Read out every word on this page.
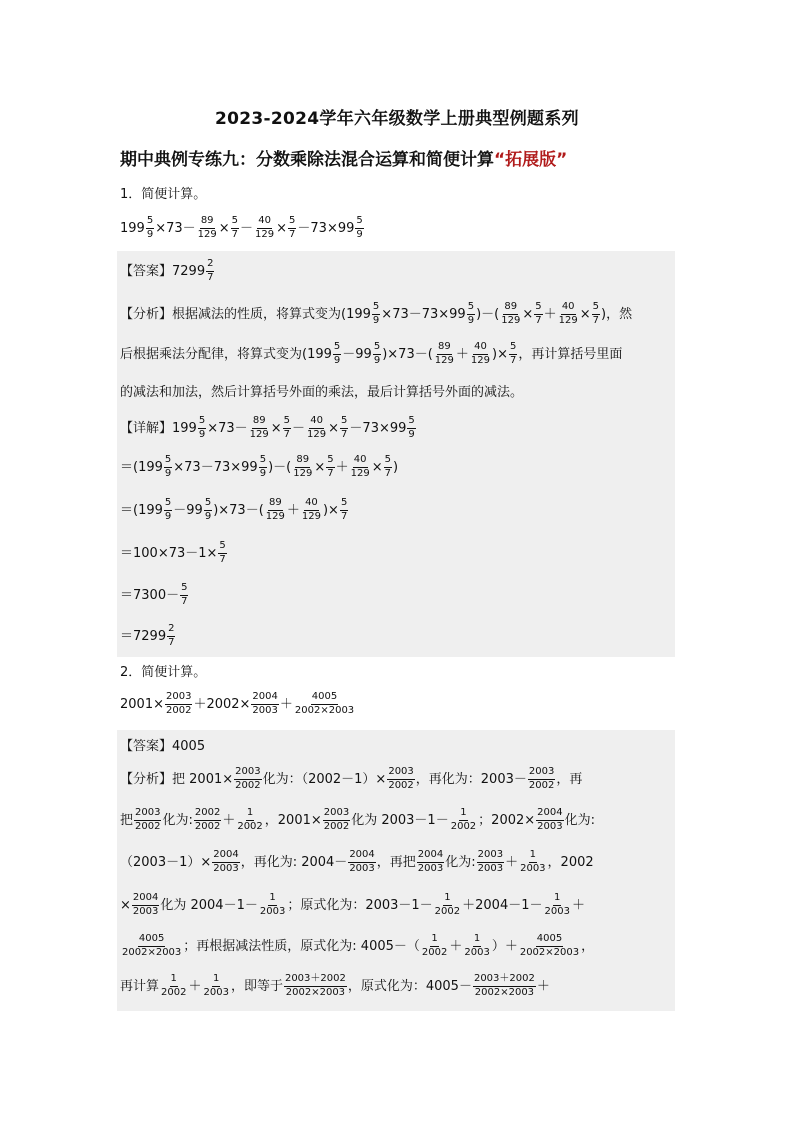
2023-2024学年六年级数学上册典型例题系列
期中典例专练九：分数乘除法混合运算和简便计算“拓展版”
1．简便计算。
$199 \frac{5}{9} \times 73- \frac{89}{129} \times \frac{5}{7} - \frac{40}{129} \times \frac{5}{7} -73\times 99 \frac{5}{9}$
【答案】 $7299 \frac{2}{7}$
【分析】 根据减法的性质，将算式变为 ($199 \frac{5}{9} \times 73-73\times 99 \frac{5}{9}$ )－( $\frac{89}{129} \times \frac{5}{7} + \frac{40}{129} \times \frac{5}{7}$ ) ，然
后根据乘法分配律，将算式变为 $(199 \frac{5}{9} -99 \frac{5}{9} )\times 73-( \frac{89}{129} + \frac{40}{129}$ )× $\frac{5}{7}$ ，再计算括号里面
的减法和加法，然后计算括号外面的乘法，最后计算括号外面的减法。
【详解】 $199 \frac{5}{9} \times 73- \frac{89}{129} \times \frac{5}{7} - \frac{40}{129} \times \frac{5}{7} -73\times 99 \frac{5}{9}$
$=(199 \frac{5}{9} \times 73-73\times 99 \frac{5}{9}$ )－( $\frac{89}{129} \times \frac{5}{7} + \frac{40}{129} \times \frac{5}{7}$ )
$=(199 \frac{5}{9} -99 \frac{5}{9} )\times 73-( \frac{89}{129} + \frac{40}{129}$ )× $\frac{5}{7}$
$=100\times 73-1\times \frac{5}{7}$
$=7300- \frac{5}{7}$
$=7299 \frac{2}{7}$
2．简便计算。
$2001\times \frac{2003}{2002} +2002\times \frac{2004}{2003} + \frac{4005}{2002\times 2003}$
【答案】 4005
【分析】 把 $2001\times \frac{2003}{2002}$ 化为：$(2002-1)\times \frac{2003}{2002}$ ，再化为：$2003- \frac{2003}{2002}$ ，再
把 $\frac{2003}{2002}$ 化为: $\frac{2002}{2002} + \frac{1}{2002}$ ，$2001\times \frac{2003}{2002}$ 化为 $2003-1- \frac{1}{2002}$ ；$2002\times \frac{2004}{2003}$ 化为:
$(2003-1)\times \frac{2004}{2003}$ ，再化为: $2004- \frac{2004}{2003}$ ，再把 $\frac{2004}{2003}$ 化为: $\frac{2003}{2003} + \frac{1}{2003}$ ，2002
× $\frac{2004}{2003}$ 化为 $2004-1- \frac{1}{2003}$ ；原式化为：$2003-1- \frac{1}{2002} +2004-1- \frac{1}{2003}$ ＋
$\frac{4005}{2002\times 2003}$ ；再根据减法性质，原式化为: $4005-( \frac{1}{2002} + \frac{1}{2003}$ ）＋ $\frac{4005}{2002\times 2003}$ ，
再计算 $\frac{1}{2002} + \frac{1}{2003}$ ，即等于 $\frac{2003+2002}{2002\times 2003}$ ，原式化为：$4005- \frac{2003+2002}{2002\times 2003}$ ＋
